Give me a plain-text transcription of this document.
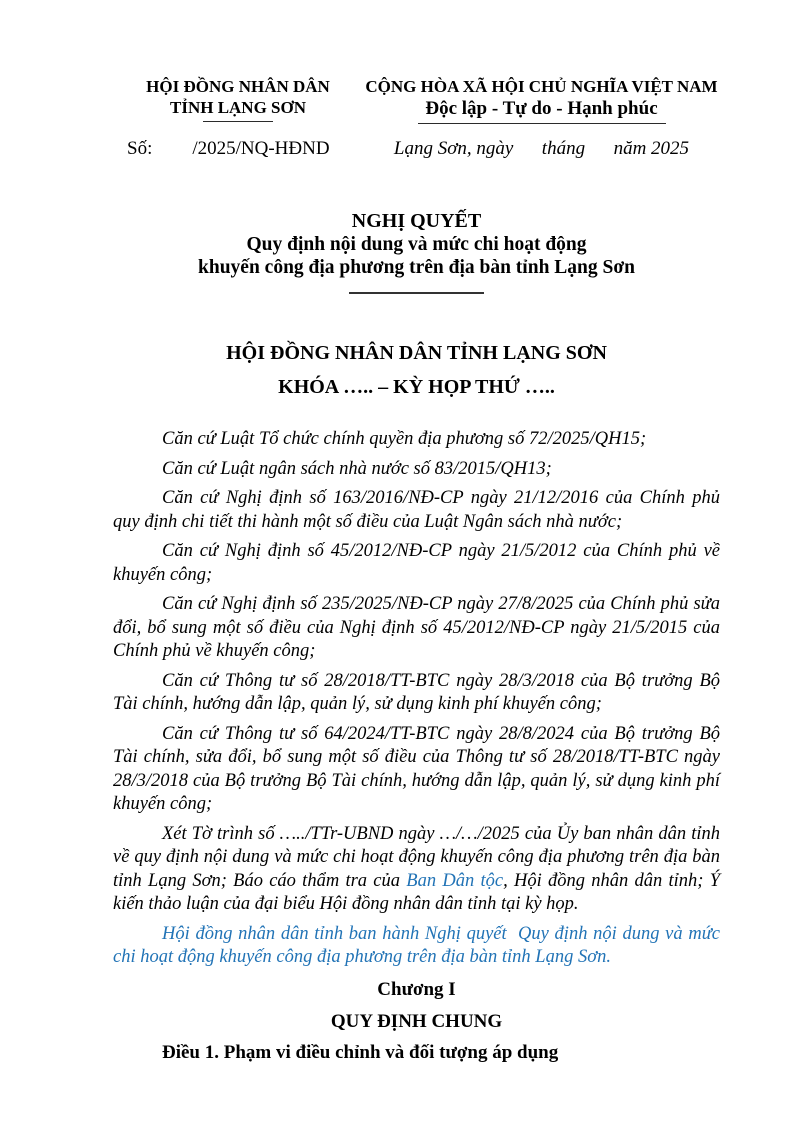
HỘI ĐỒNG NHÂN DÂN
TỈNH LẠNG SƠN
Số: /2025/NQ-HĐND
CỘNG HÒA XÃ HỘI CHỦ NGHĨA VIỆT NAM
Độc lập - Tự do - Hạnh phúc
Lạng Sơn, ngày      tháng      năm 2025
NGHỊ QUYẾT
Quy định nội dung và mức chi hoạt động
khuyến công địa phương trên địa bàn tỉnh Lạng Sơn
HỘI ĐỒNG NHÂN DÂN TỈNH LẠNG SƠN
KHÓA ….. – KỲ HỌP THỨ …..

Căn cứ Luật Tổ chức chính quyền địa phương số 72/2025/QH15;

Căn cứ Luật ngân sách nhà nước số 83/2015/QH13;

Căn cứ Nghị định số 163/2016/NĐ-CP ngày 21/12/2016 của Chính phủ quy định chi tiết thi hành một số điều của Luật Ngân sách nhà nước;

Căn cứ Nghị định số 45/2012/NĐ-CP ngày 21/5/2012 của Chính phủ về khuyến công;

Căn cứ Nghị định số 235/2025/NĐ-CP ngày 27/8/2025 của Chính phủ sửa đổi, bổ sung một số điều của Nghị định số 45/2012/NĐ-CP ngày 21/5/2015 của Chính phủ về khuyến công;

Căn cứ Thông tư số 28/2018/TT-BTC ngày 28/3/2018 của Bộ trưởng Bộ Tài chính, hướng dẫn lập, quản lý, sử dụng kinh phí khuyến công;

Căn cứ Thông tư số 64/2024/TT-BTC ngày 28/8/2024 của Bộ trưởng Bộ Tài chính, sửa đổi, bổ sung một số điều của Thông tư số 28/2018/TT-BTC ngày 28/3/2018 của Bộ trưởng Bộ Tài chính, hướng dẫn lập, quản lý, sử dụng kinh phí khuyến công;

Xét Tờ trình số …../TTr-UBND ngày …/…/2025 của Ủy ban nhân dân tỉnh về quy định nội dung và mức chi hoạt động khuyến công địa phương trên địa bàn tỉnh Lạng Sơn; Báo cáo thẩm tra của Ban Dân tộc, Hội đồng nhân dân tỉnh; Ý kiến thảo luận của đại biểu Hội đồng nhân dân tỉnh tại kỳ họp.

Hội đồng nhân dân tỉnh ban hành Nghị quyết  Quy định nội dung và mức chi hoạt động khuyến công địa phương trên địa bàn tỉnh Lạng Sơn.

Chương I

QUY ĐỊNH CHUNG

Điều 1. Phạm vi điều chỉnh và đối tượng áp dụng
